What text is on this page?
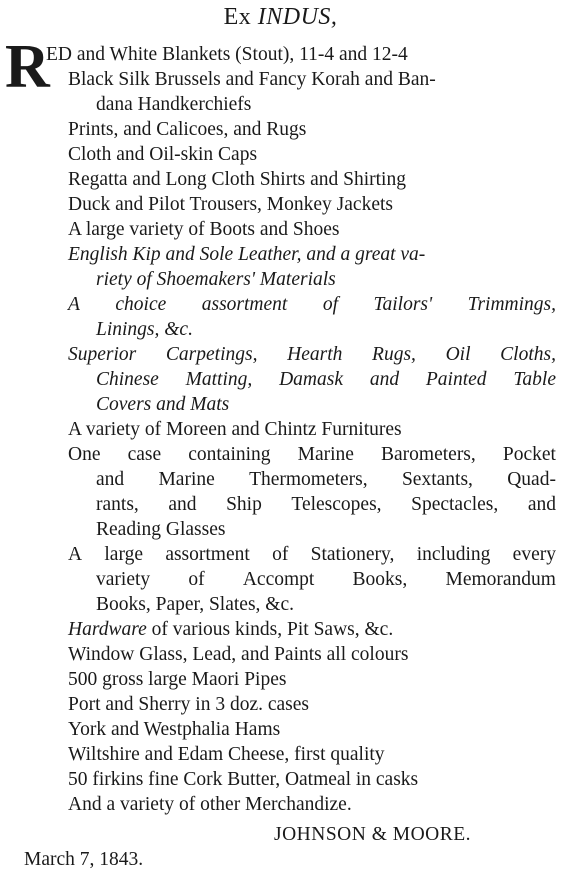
Ex INDUS,
R
ED and White Blankets (Stout), 11-4 and 12-4
Black Silk Brussels and Fancy Korah and Ban-
dana Handkerchiefs
Prints, and Calicoes, and Rugs
Cloth and Oil-skin Caps
Regatta and Long Cloth Shirts and Shirting
Duck and Pilot Trousers, Monkey Jackets
A large variety of Boots and Shoes
English Kip and Sole Leather, and a great va-
riety of Shoemakers' Materials
A choice assortment of Tailors' Trimmings,
Linings, &c.
Superior Carpetings, Hearth Rugs, Oil Cloths,
Chinese Matting, Damask and Painted Table
Covers and Mats
A variety of Moreen and Chintz Furnitures
One case containing Marine Barometers, Pocket
and Marine Thermometers, Sextants, Quad-
rants, and Ship Telescopes, Spectacles, and
Reading Glasses
A large assortment of Stationery, including every
variety of Accompt Books, Memorandum
Books, Paper, Slates, &c.
Hardware of various kinds, Pit Saws, &c.
Window Glass, Lead, and Paints all colours
500 gross large Maori Pipes
Port and Sherry in 3 doz. cases
York and Westphalia Hams
Wiltshire and Edam Cheese, first quality
50 firkins fine Cork Butter, Oatmeal in casks
And a variety of other Merchandize.
JOHNSON & MOORE.
March 7, 1843.
